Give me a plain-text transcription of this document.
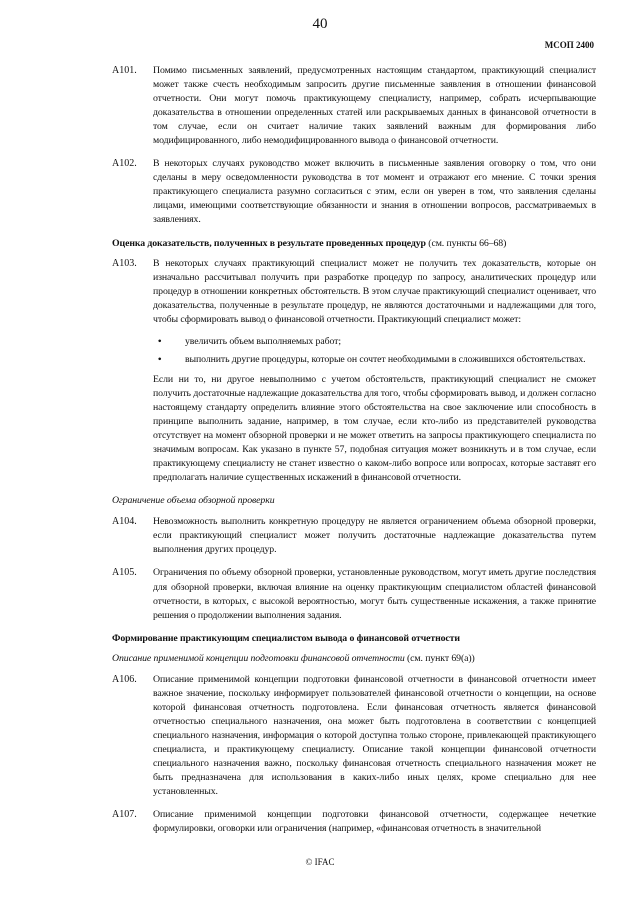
40
МСОП 2400
A101. Помимо письменных заявлений, предусмотренных настоящим стандартом, практикующий специалист может также счесть необходимым запросить другие письменные заявления в отношении финансовой отчетности. Они могут помочь практикующему специалисту, например, собрать исчерпывающие доказательства в отношении определенных статей или раскрываемых данных в финансовой отчетности в том случае, если он считает наличие таких заявлений важным для формирования либо модифицированного, либо немодифицированного вывода о финансовой отчетности.
A102. В некоторых случаях руководство может включить в письменные заявления оговорку о том, что они сделаны в меру осведомленности руководства в тот момент и отражают его мнение. С точки зрения практикующего специалиста разумно согласиться с этим, если он уверен в том, что заявления сделаны лицами, имеющими соответствующие обязанности и знания в отношении вопросов, рассматриваемых в заявлениях.
Оценка доказательств, полученных в результате проведенных процедур (см. пункты 66–68)
A103. В некоторых случаях практикующий специалист может не получить тех доказательств, которые он изначально рассчитывал получить при разработке процедур по запросу, аналитических процедур или процедур в отношении конкретных обстоятельств. В этом случае практикующий специалист оценивает, что доказательства, полученные в результате процедур, не являются достаточными и надлежащими для того, чтобы сформировать вывод о финансовой отчетности. Практикующий специалист может:

• увеличить объем выполняемых работ;
• выполнить другие процедуры, которые он сочтет необходимыми в сложившихся обстоятельствах.

Если ни то, ни другое невыполнимо с учетом обстоятельств, практикующий специалист не сможет получить достаточные надлежащие доказательства для того, чтобы сформировать вывод, и должен согласно настоящему стандарту определить влияние этого обстоятельства на свое заключение или способность в принципе выполнить задание, например, в том случае, если кто-либо из представителей руководства отсутствует на момент обзорной проверки и не может ответить на запросы практикующего специалиста по значимым вопросам. Как указано в пункте 57, подобная ситуация может возникнуть и в том случае, если практикующему специалисту не станет известно о каком-либо вопросе или вопросах, которые заставят его предполагать наличие существенных искажений в финансовой отчетности.

Ограничение объема обзорной проверки
A104. Невозможность выполнить конкретную процедуру не является ограничением объема обзорной проверки, если практикующий специалист может получить достаточные надлежащие доказательства путем выполнения других процедур.
A105. Ограничения по объему обзорной проверки, установленные руководством, могут иметь другие последствия для обзорной проверки, включая влияние на оценку практикующим специалистом областей финансовой отчетности, в которых, с высокой вероятностью, могут быть существенные искажения, а также принятие решения о продолжении выполнения задания.
Формирование практикующим специалистом вывода о финансовой отчетности
Описание применимой концепции подготовки финансовой отчетности (см. пункт 69(a))
A106. Описание применимой концепции подготовки финансовой отчетности в финансовой отчетности имеет важное значение, поскольку информирует пользователей финансовой отчетности о концепции, на основе которой финансовая отчетность подготовлена. Если финансовая отчетность является финансовой отчетностью специального назначения, она может быть подготовлена в соответствии с концепцией специального назначения, информация о которой доступна только стороне, привлекающей практикующего специалиста, и практикующему специалисту. Описание такой концепции финансовой отчетности специального назначения важно, поскольку финансовая отчетность специального назначения может не быть предназначена для использования в каких-либо иных целях, кроме специально для нее установленных.
A107. Описание применимой концепции подготовки финансовой отчетности, содержащее нечеткие формулировки, оговорки или ограничения (например, «финансовая отчетность в значительной
© IFAC
